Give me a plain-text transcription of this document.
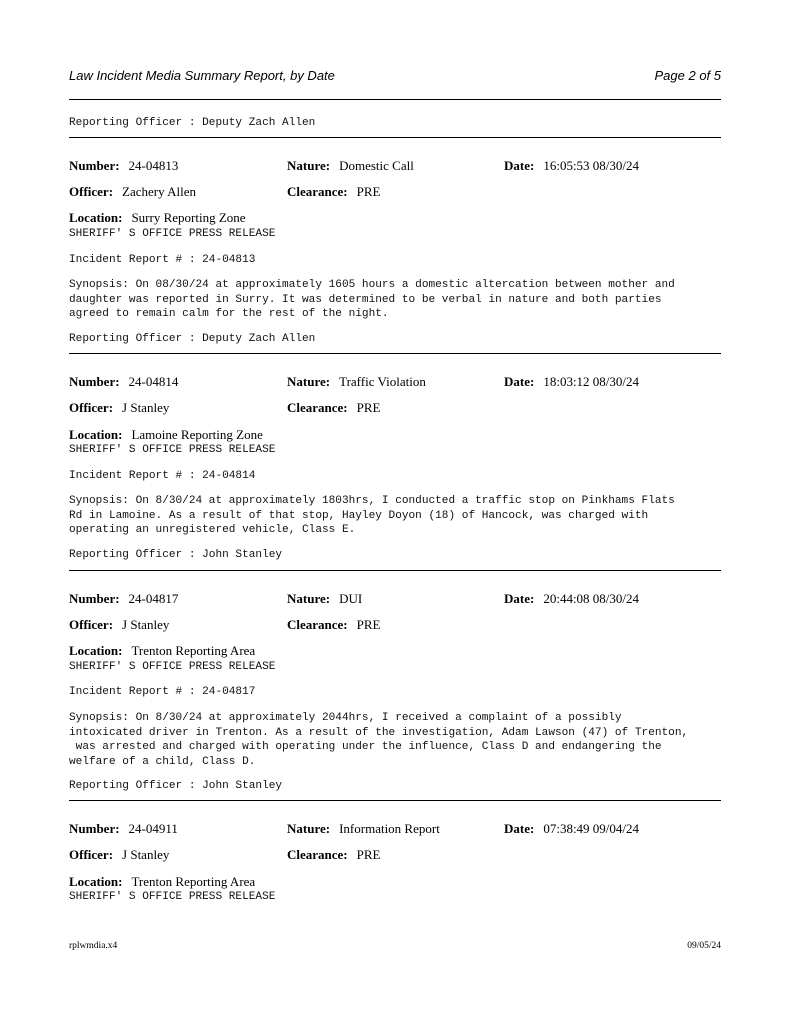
Law Incident Media Summary Report, by Date	Page 2 of 5
Reporting Officer : Deputy Zach Allen
Number: 24-04813	Nature: Domestic Call	Date: 16:05:53 08/30/24
Officer: Zachery Allen	Clearance: PRE
Location: Surry Reporting Zone
SHERIFF' S OFFICE PRESS RELEASE
Incident Report # : 24-04813
Synopsis: On 08/30/24 at approximately 1605 hours a domestic altercation between mother and
daughter was reported in Surry. It was determined to be verbal in nature and both parties
agreed to remain calm for the rest of the night.
Reporting Officer : Deputy Zach Allen
Number: 24-04814	Nature: Traffic Violation	Date: 18:03:12 08/30/24
Officer: J Stanley	Clearance: PRE
Location: Lamoine Reporting Zone
SHERIFF' S OFFICE PRESS RELEASE
Incident Report # : 24-04814
Synopsis: On 8/30/24 at approximately 1803hrs, I conducted a traffic stop on Pinkhams Flats
Rd in Lamoine. As a result of that stop, Hayley Doyon (18) of Hancock, was charged with
operating an unregistered vehicle, Class E.
Reporting Officer : John Stanley
Number: 24-04817	Nature: DUI	Date: 20:44:08 08/30/24
Officer: J Stanley	Clearance: PRE
Location: Trenton Reporting Area
SHERIFF' S OFFICE PRESS RELEASE
Incident Report # : 24-04817
Synopsis: On 8/30/24 at approximately 2044hrs, I received a complaint of a possibly
intoxicated driver in Trenton. As a result of the investigation, Adam Lawson (47) of Trenton,
was arrested and charged with operating under the influence, Class D and endangering the
welfare of a child, Class D.
Reporting Officer : John Stanley
Number: 24-04911	Nature: Information Report	Date: 07:38:49 09/04/24
Officer: J Stanley	Clearance: PRE
Location: Trenton Reporting Area
SHERIFF' S OFFICE PRESS RELEASE
rplwmdia.x4	09/05/24
